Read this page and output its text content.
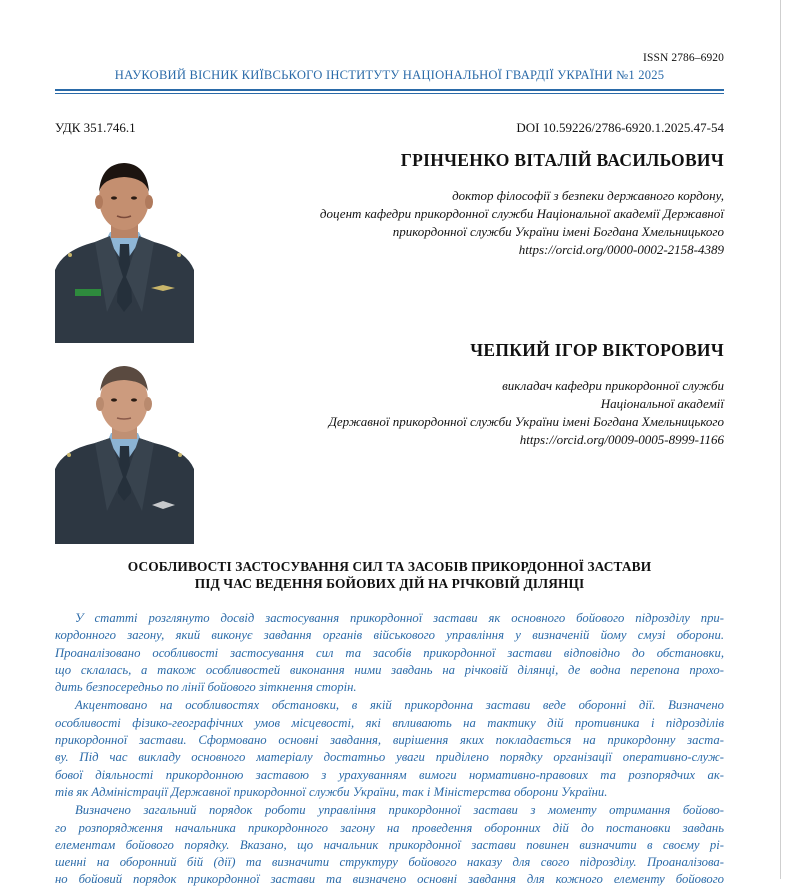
ISSN 2786–6920
НАУКОВИЙ ВІСНИК КИЇВСЬКОГО ІНСТИТУТУ НАЦІОНАЛЬНОЇ ГВАРДІЇ УКРАЇНИ №1 2025
УДК 351.746.1	DOI 10.59226/2786-6920.1.2025.47-54
ГРІНЧЕНКО ВІТАЛІЙ ВАСИЛЬОВИЧ
доктор філософії з безпеки державного кордону,
доцент кафедри прикордонної служби Національної академії Державної
прикордонної служби України імені Богдана Хмельницького
https://orcid.org/0000-0002-2158-4389
ЧЕПКИЙ ІГОР ВІКТОРОВИЧ
викладач кафедри прикордонної служби
Національної академії
Державної прикордонної служби України імені Богдана Хмельницького
https://orcid.org/0009-0005-8999-1166
ОСОБЛИВОСТІ ЗАСТОСУВАННЯ СИЛ ТА ЗАСОБІВ ПРИКОРДОННОЇ ЗАСТАВИ
ПІД ЧАС ВЕДЕННЯ БОЙОВИХ ДІЙ НА РІЧКОВІЙ ДІЛЯНЦІ
У статті розглянуто досвід застосування прикордонної застави як основного бойового підрозділу при-
кордонного загону, який виконує завдання органів військового управління у визначеній йому смузі оборони.
Проаналізовано особливості застосування сил та засобів прикордонної застави відповідно до обстановки,
що склалась, а також особливостей виконання ними завдань на річковій ділянці, де водна перепона прохо-
дить безпосередньо по лінії бойового зіткнення сторін.
Акцентовано на особливостях обстановки, в якій прикордонна застави веде оборонні дії. Визначено
особливості фізико-географічних умов місцевості, які впливають на тактику дій противника і підрозділів
прикордонної застави. Сформовано основні завдання, вирішення яких покладається на прикордонну заста-
ву. Під час викладу основного матеріалу достатньо уваги приділено порядку організації оперативно-служ-
бової діяльності прикордонною заставою з урахуванням вимоги нормативно-правових та розпорядчих ак-
тів як Адміністрації Державної прикордонної служби України, так і Міністерства оборони України.
Визначено загальний порядок роботи управління прикордонної застави з моменту отримання бойово-
го розпорядження начальника прикордонного загону на проведення оборонних дій до постановки завдань
елементам бойового порядку. Вказано, що начальник прикордонної застави повинен визначити в своєму рі-
шенні на оборонний бій (дії) та визначити структуру бойового наказу для свого підрозділу. Проаналізова-
но бойовий порядок прикордонної застави та визначено основні завдання для кожного елементу бойового
